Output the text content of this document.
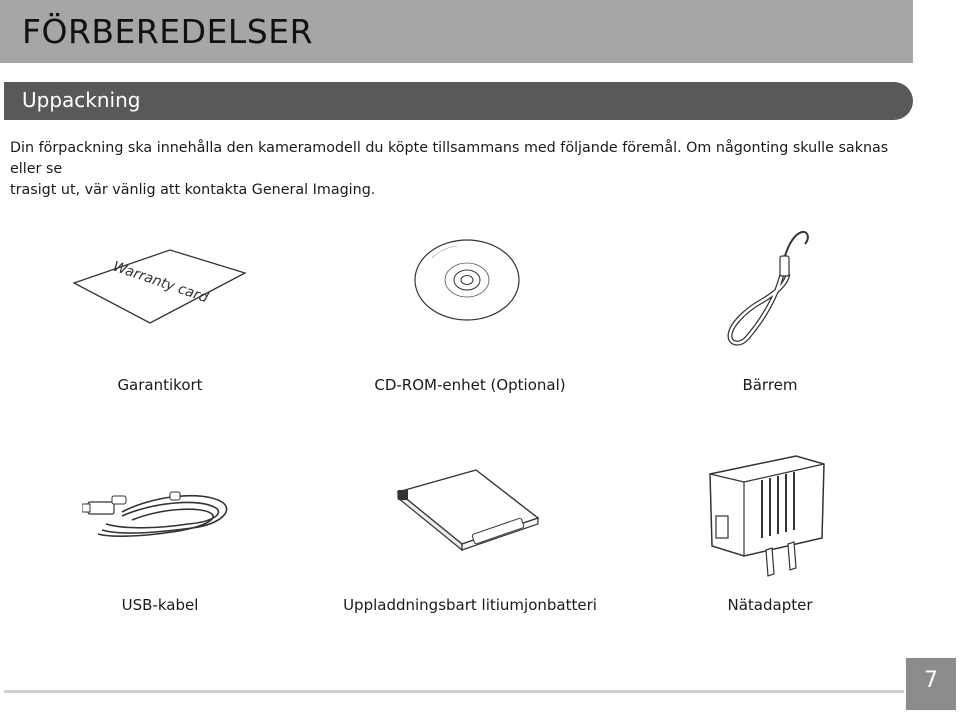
FÖRBEREDELSER
Uppackning

Din förpackning ska innehålla den kameramodell du köpte tillsammans med följande föremål. Om någonting skulle saknas eller se

trasigt ut, vär vänlig att kontakta General Imaging.

Warranty card
Garantikort	CD-ROM-enhet (Optional)	Bärrem
USB-kabel	Uppladdningsbart litiumjonbatteri	Nätadapter
7
